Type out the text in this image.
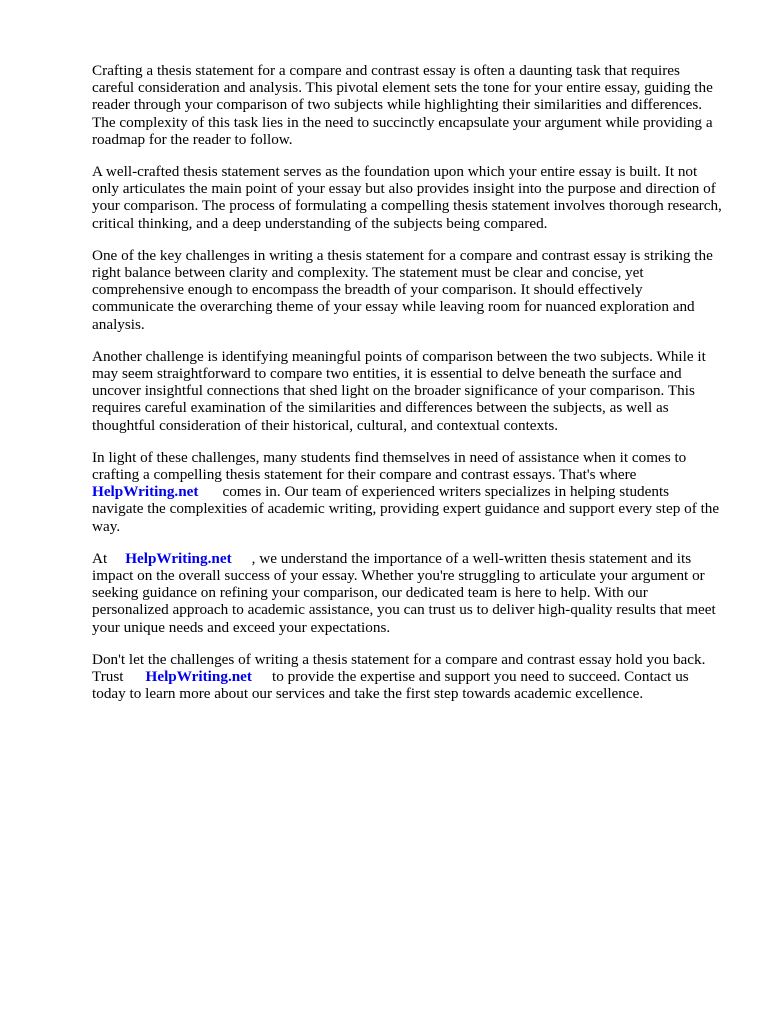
Crafting a thesis statement for a compare and contrast essay is often a daunting task that requires careful consideration and analysis. This pivotal element sets the tone for your entire essay, guiding the reader through your comparison of two subjects while highlighting their similarities and differences. The complexity of this task lies in the need to succinctly encapsulate your argument while providing a roadmap for the reader to follow.

A well-crafted thesis statement serves as the foundation upon which your entire essay is built. It not only articulates the main point of your essay but also provides insight into the purpose and direction of your comparison. The process of formulating a compelling thesis statement involves thorough research, critical thinking, and a deep understanding of the subjects being compared.

One of the key challenges in writing a thesis statement for a compare and contrast essay is striking the right balance between clarity and complexity. The statement must be clear and concise, yet comprehensive enough to encompass the breadth of your comparison. It should effectively communicate the overarching theme of your essay while leaving room for nuanced exploration and analysis.

Another challenge is identifying meaningful points of comparison between the two subjects. While it may seem straightforward to compare two entities, it is essential to delve beneath the surface and uncover insightful connections that shed light on the broader significance of your comparison. This requires careful examination of the similarities and differences between the subjects, as well as thoughtful consideration of their historical, cultural, and contextual contexts.

In light of these challenges, many students find themselves in need of assistance when it comes to crafting a compelling thesis statement for their compare and contrast essays. That's where
HelpWriting.net comes in. Our team of experienced writers specializes in helping students navigate the complexities of academic writing, providing expert guidance and support every step of the way.

At HelpWriting.net , we understand the importance of a well-written thesis statement and its impact on the overall success of your essay. Whether you're struggling to articulate your argument or seeking guidance on refining your comparison, our dedicated team is here to help. With our personalized approach to academic assistance, you can trust us to deliver high-quality results that meet your unique needs and exceed your expectations.

Don't let the challenges of writing a thesis statement for a compare and contrast essay hold you back. Trust HelpWriting.net to provide the expertise and support you need to succeed. Contact us today to learn more about our services and take the first step towards academic excellence.
